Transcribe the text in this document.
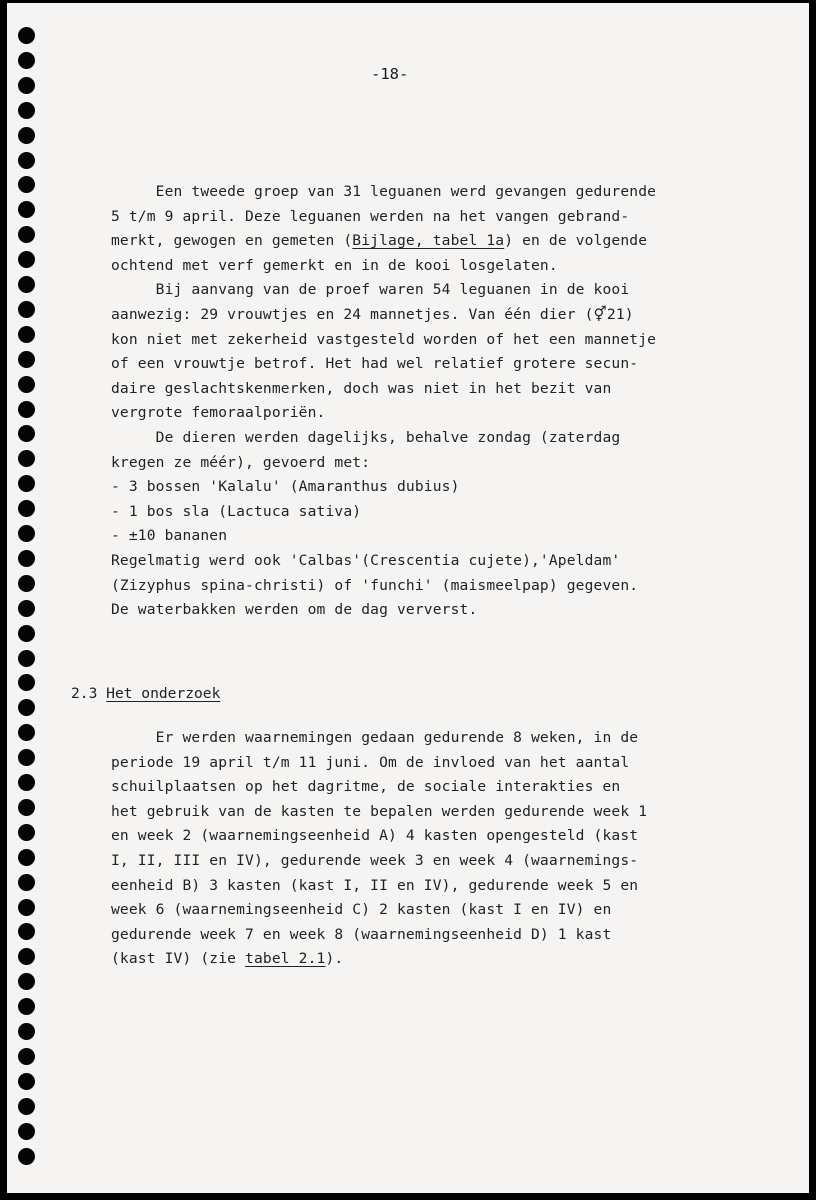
-18-
Een tweede groep van 31 leguanen werd gevangen gedurende
5 t/m 9 april. Deze leguanen werden na het vangen gebrand-
merkt, gewogen en gemeten (Bijlage, tabel 1a) en de volgende
ochtend met verf gemerkt en in de kooi losgelaten.
Bij aanvang van de proef waren 54 leguanen in de kooi
aanwezig: 29 vrouwtjes en 24 mannetjes. Van één dier (⚥21)
kon niet met zekerheid vastgesteld worden of het een mannetje
of een vrouwtje betrof. Het had wel relatief grotere secun-
daire geslachtskenmerken, doch was niet in het bezit van
vergrote femoraalporiën.
De dieren werden dagelijks, behalve zondag (zaterdag
kregen ze méér), gevoerd met:
- 3 bossen 'Kalalu' (Amaranthus dubius)
- 1 bos sla (Lactuca sativa)
- ±10 bananen
Regelmatig werd ook 'Calbas'(Crescentia cujete),'Apeldam'
(Zizyphus spina-christi) of 'funchi' (maismeelpap) gegeven.
De waterbakken werden om de dag ververst.
2.3 Het onderzoek
Er werden waarnemingen gedaan gedurende 8 weken, in de
periode 19 april t/m 11 juni. Om de invloed van het aantal
schuilplaatsen op het dagritme, de sociale interakties en
het gebruik van de kasten te bepalen werden gedurende week 1
en week 2 (waarnemingseenheid A) 4 kasten opengesteld (kast
I, II, III en IV), gedurende week 3 en week 4 (waarnemings-
eenheid B) 3 kasten (kast I, II en IV), gedurende week 5 en
week 6 (waarnemingseenheid C) 2 kasten (kast I en IV) en
gedurende week 7 en week 8 (waarnemingseenheid D) 1 kast
(kast IV) (zie tabel 2.1).
